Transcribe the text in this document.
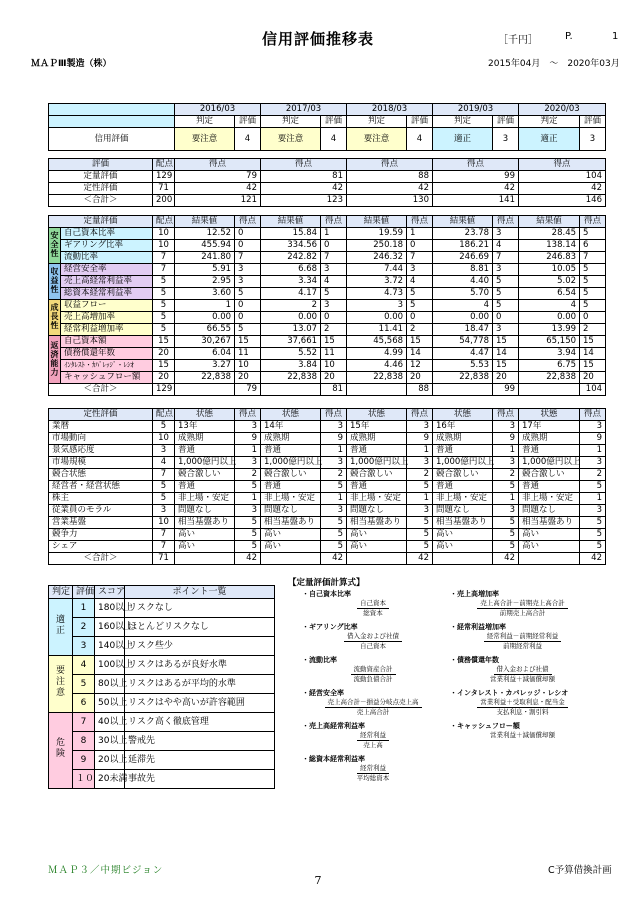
信用評価推移表	［千円］	P.	1
ＭＡＰⅢ製造（株）	2015年04月　～　2020年03月
	2016/03		2017/03		2018/03		2019/03		2020/03	
	判定	評価	判定	評価	判定	評価	判定	評価	判定	評価
信用評価	要注意	4	要注意	4	要注意	4	適正	3	適正	3
評価	配点	得点	得点	得点	得点	得点
定量評価	129	79	81	88	99	104
定性評価	71	42	42	42	42	42
＜合計＞	200	121	123	130	141	146
定量評価		配点	結果値	得点	結果値	得点	結果値	得点	結果値	得点	結果値	得点
安全性	自己資本比率	10	12.52	0	15.84	1	19.59	1	23.78	3	28.45	5
	ギアリング比率	10	455.94	0	334.56	0	250.18	0	186.21	4	138.14	6
	流動比率	7	241.80	7	242.82	7	246.32	7	246.69	7	246.83	7
収益性	経営安全率	7	5.91	3	6.68	3	7.44	3	8.81	3	10.05	5
	売上高経常利益率	5	2.95	3	3.34	4	3.72	4	4.40	5	5.02	5
	総資本経常利益率	5	3.60	5	4.17	5	4.73	5	5.70	5	6.54	5
成長性	収益フロー	5	1	0	2	3	3	5	4	5	4	5
	売上高増加率	5	0.00	0	0.00	0	0.00	0	0.00	0	0.00	0
	経常利益増加率	5	66.55	5	13.07	2	11.41	2	18.47	3	13.99	2
返済能力	自己資本額	15	30,267	15	37,661	15	45,568	15	54,778	15	65,150	15
	債務償還年数	20	6.04	11	5.52	11	4.99	14	4.47	14	3.94	14
	ｲﾝﾀﾚｽﾄ・ｶﾊﾞﾚｯｼﾞ・ﾚｼｵ	15	3.27	10	3.84	10	4.46	12	5.53	15	6.75	15
	キャッシュフロー額	20	22,838	20	22,838	20	22,838	20	22,838	20	22,838	20
＜合計＞		129		79		81		88		99		104
定性評価	配点	状態	得点	状態	得点	状態	得点	状態	得点	状態	得点
業暦	5	13年	3	14年	3	15年	3	16年	3	17年	3
市場動向	10	成熟期	9	成熟期	9	成熟期	9	成熟期	9	成熟期	9
景気感応度	3	普通	1	普通	1	普通	1	普通	1	普通	1
市場規模	4	1,000億円以上	3	1,000億円以上	3	1,000億円以上	3	1,000億円以上	3	1,000億円以上	3
競合状態	7	競合激しい	2	競合激しい	2	競合激しい	2	競合激しい	2	競合激しい	2
経営者・経営状態	5	普通	5	普通	5	普通	5	普通	5	普通	5
株主	5	非上場・安定	1	非上場・安定	1	非上場・安定	1	非上場・安定	1	非上場・安定	1
従業員のモラル	3	問題なし	3	問題なし	3	問題なし	3	問題なし	3	問題なし	3
営業基盤	10	相当基盤あり	5	相当基盤あり	5	相当基盤あり	5	相当基盤あり	5	相当基盤あり	5
競争力	7	高い	5	高い	5	高い	5	高い	5	高い	5
シェア	7	高い	5	高い	5	高い	5	高い	5	高い	5
＜合計＞	71		42		42		42		42		42
判定	評価	スコア	ポイント一覧
適正	1	180以上	リスクなし
	2	160以上	ほとんどリスクなし
	3	140以上	リスク些少
要注意	4	100以上	リスクはあるが良好水準
	5	80以上	リスクはあるが平均的水準
	6	50以上	リスクはやや高いが許容範囲
危険	7	40以上	リスク高く徹底管理
	8	30以上	警戒先
	9	20以上	延滞先
	１０	20未満	事故先
【定量評価計算式】
・自己資本比率
自己資本

総資本
・ギアリング比率
借入金および社債

自己資本
・流動比率
流動資産合計

流動負債合計
・経営安全率
売上高合計－損益分岐点売上高

売上高合計
・売上高経常利益率
経常利益

売上高
・総資本経常利益率
経常利益

平均総資本
・売上高増加率
売上高合計－前期売上高合計

前期売上高合計
・経常利益増加率
経常利益－前期経常利益

前期経常利益
・債務償還年数
借入金および社債

営業利益＋減価償却額
・インタレスト・カバレッジ・レシオ
営業利益＋受取利息・配当金

支払利息・割引料
・キャッシュフロー額
営業利益＋減価償却額

ＭＡＰ３／中期ビジョン	C予算借換計画
7
